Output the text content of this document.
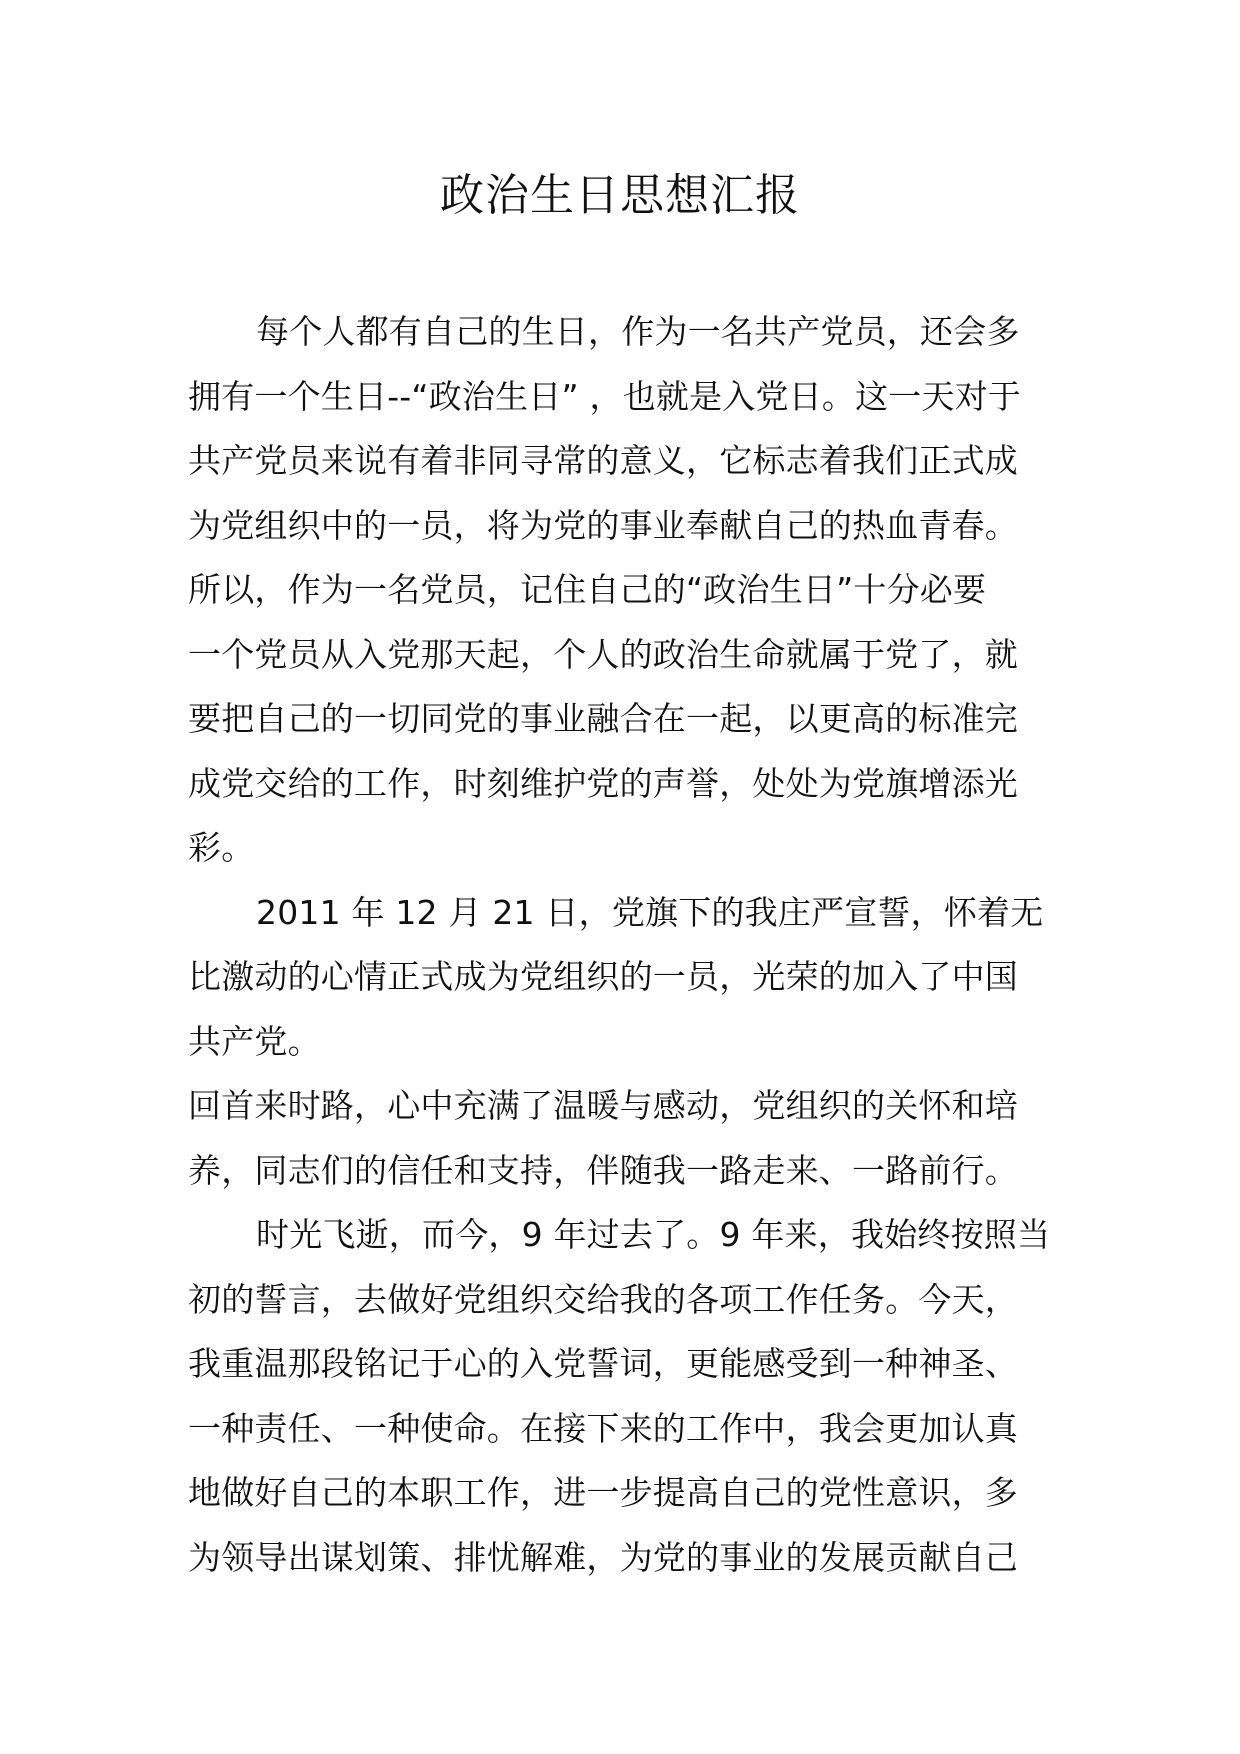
政治生日思想汇报
每个人都有自己的生日，作为一名共产党员，还会多
拥有一个生日--“政治生日” ，也就是入党日。这一天对于
共产党员来说有着非同寻常的意义，它标志着我们正式成
为党组织中的一员，将为党的事业奉献自己的热血青春。
所以，作为一名党员，记住自己的“政治生日”十分必要
一个党员从入党那天起，个人的政治生命就属于党了，就
要把自己的一切同党的事业融合在一起，以更高的标准完
成党交给的工作，时刻维护党的声誉，处处为党旗增添光
彩。
2011 年 12 月 21 日，党旗下的我庄严宣誓，怀着无
比激动的心情正式成为党组织的一员，光荣的加入了中国
共产党。
回首来时路，心中充满了温暖与感动，党组织的关怀和培
养，同志们的信任和支持，伴随我一路走来、一路前行。
时光飞逝，而今，9 年过去了。9 年来，我始终按照当
初的誓言，去做好党组织交给我的各项工作任务。今天，
我重温那段铭记于心的入党誓词，更能感受到一种神圣、
一种责任、一种使命。在接下来的工作中，我会更加认真
地做好自己的本职工作，进一步提高自己的党性意识，多
为领导出谋划策、排忧解难，为党的事业的发展贡献自己
